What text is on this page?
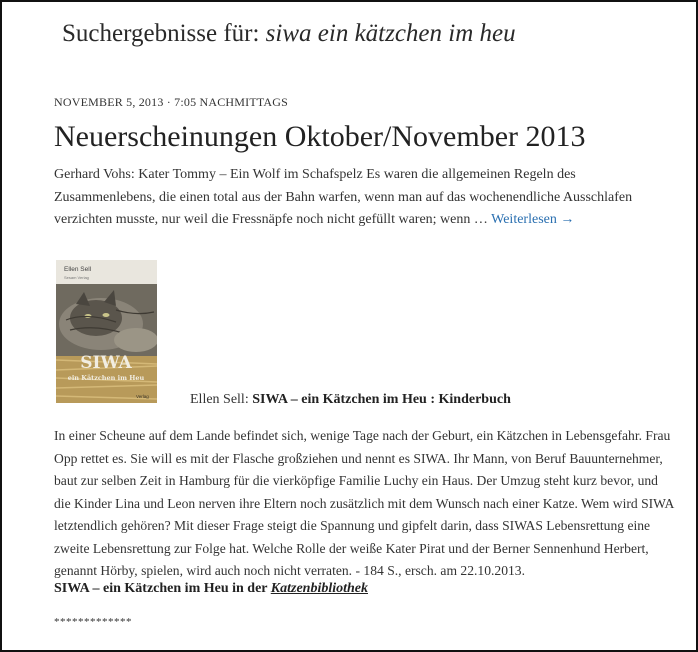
Suchergebnisse für: siwa ein kätzchen im heu
NOVEMBER 5, 2013 · 7:05 NACHMITTAGS
Neuerscheinungen Oktober/November 2013

Gerhard Vohs: Kater Tommy – Ein Wolf im Schafspelz Es waren die allgemeinen Regeln des Zusammenlebens, die einen total aus der Bahn warfen, wenn man auf das wochenendliche Ausschlafen verzichten musste, nur weil die Fressnäpfe noch nicht gefüllt waren; wenn … Weiterlesen →

Ellen Sell
Sesam Verlag
SIWA
ein Kätzchen im Heu
Verlag	Ellen Sell: SIWA – ein Kätzchen im Heu : Kinderbuch

In einer Scheune auf dem Lande befindet sich, wenige Tage nach der Geburt, ein Kätzchen in Lebensgefahr. Frau Opp rettet es. Sie will es mit der Flasche großziehen und nennt es SIWA. Ihr Mann, von Beruf Bauunternehmer, baut zur selben Zeit in Hamburg für die vierköpfige Familie Luchy ein Haus. Der Umzug steht kurz bevor, und die Kinder Lina und Leon nerven ihre Eltern noch zusätzlich mit dem Wunsch nach einer Katze. Wem wird SIWA letztendlich gehören? Mit dieser Frage steigt die Spannung und gipfelt darin, dass SIWAS Lebensrettung eine zweite Lebensrettung zur Folge hat. Welche Rolle der weiße Kater Pirat und der Berner Sennenhund Herbert, genannt Hörby, spielen, wird auch noch nicht verraten. - 184 S., ersch. am 22.10.2013.

SIWA – ein Kätzchen im Heu in der Katzenbibliothek
*************
